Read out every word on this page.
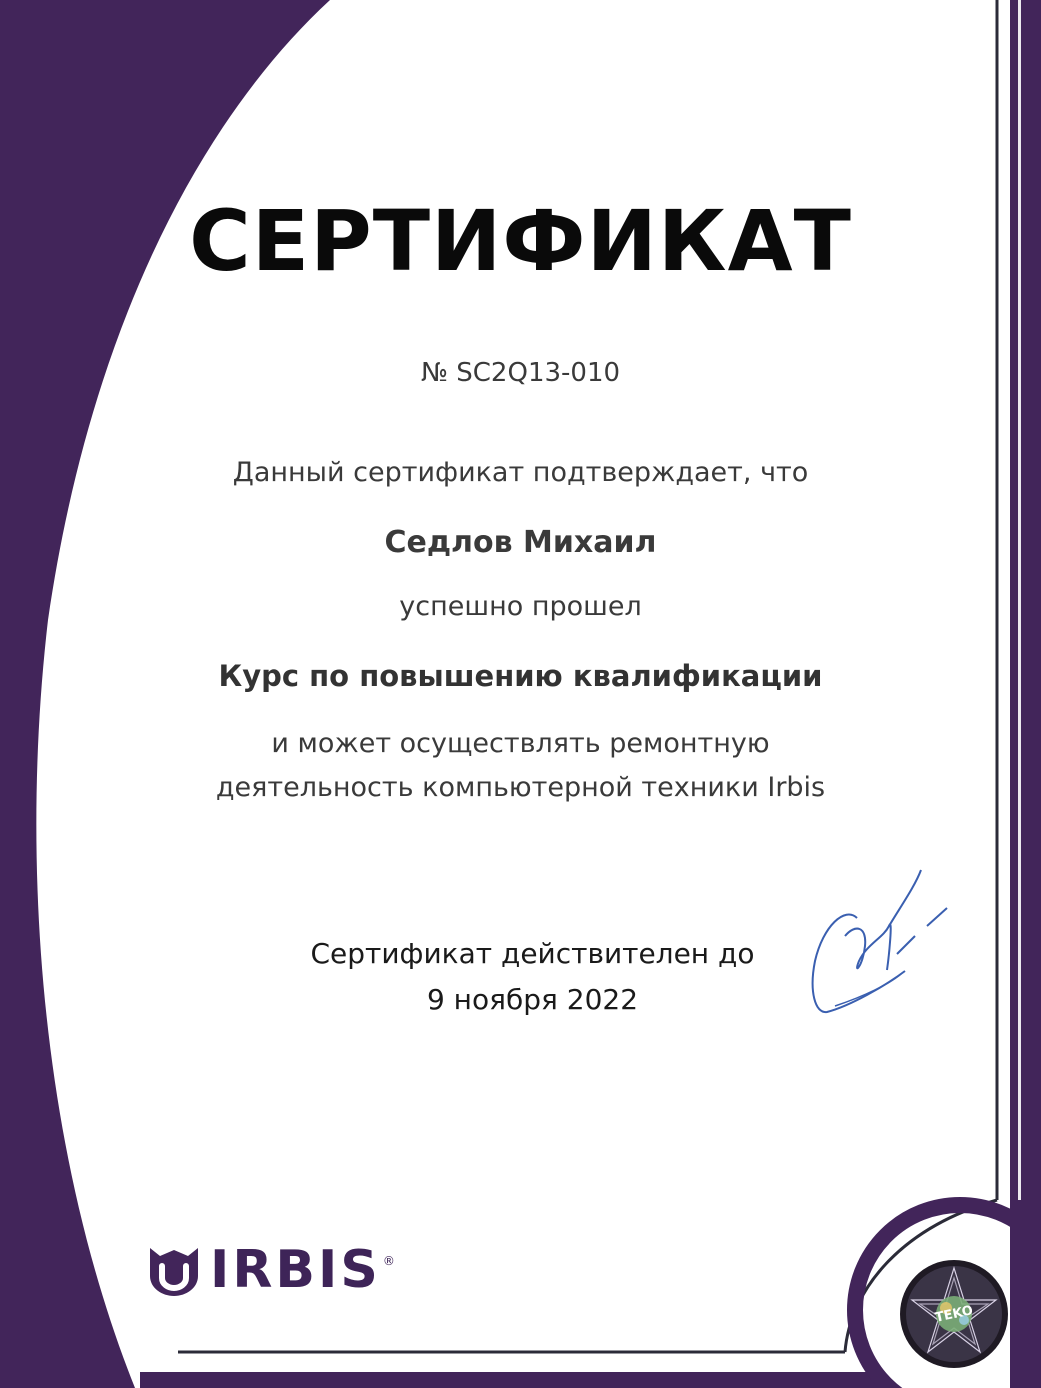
СЕРТИФИКАТ
№ SC2Q13-010
Данный сертификат подтверждает, что
Седлов Михаил
успешно прошел
Курс по повышению квалификации
и может осуществлять ремонтную
деятельность компьютерной техники Irbis
Сертификат действителен до
9 ноября 2022
IRBIS ®
TEKO
